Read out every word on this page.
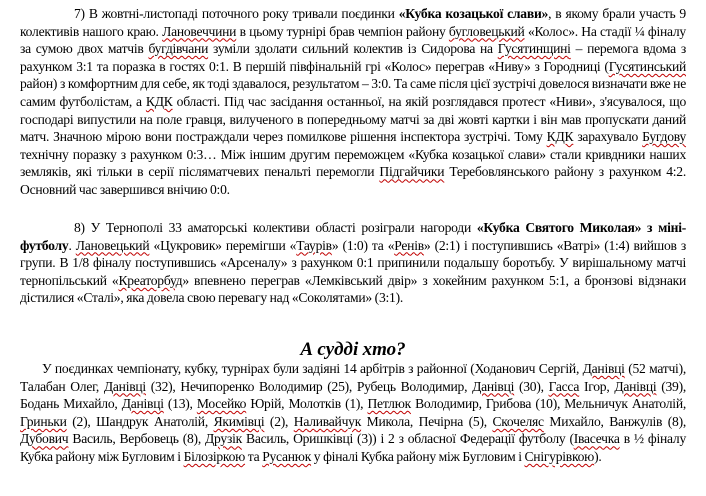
7) В жовтні-листопаді поточного року тривали поєдинки «Кубка козацької слави», в якому брали участь 9 колективів нашого краю. Лановеччини в цьому турнірі брав чемпіон району бугловецький «Колос». На стадії ¼ фіналу за сумою двох матчів бугдівчани зуміли здолати сильний колектив із Сидорова на Гусятинщині – перемога вдома з рахунком 3:1 та поразка в гостях 0:1. В першій півфінальній грі «Колос» переграв «Ниву» з Городниці (Гусятинський район) з комфортним для себе, як тоді здавалося, результатом – 3:0. Та саме після цієї зустрічі довелося визначати вже не самим футболістам, а КДК області. Під час засідання останньої, на якій розглядався протест «Ниви», з'ясувалося, що господарі випустили на поле гравця, вилученого в попередньому матчі за дві жовті картки і він мав пропускати даний матч. Значною мірою вони постраждали через помилкове рішення інспектора зустрічі. Тому КДК зарахувало Бугдову технічну поразку з рахунком 0:3… Між іншим другим переможцем «Кубка козацької слави» стали кривдники наших земляків, які тільки в серії післяматчевих пенальті перемогли Підгайчики Теребовлянського району з рахунком 4:2. Основний час завершився внічию 0:0.

8) У Тернополі 33 аматорські колективи області розіграли нагороди «Кубка Святого Миколая» з міні-футболу. Лановецький «Цукровик» перемігши «Таурів» (1:0) та «Ренів» (2:1) і поступившись «Ватрі» (1:4) вийшов з групи. В 1/8 фіналу поступившись «Арсеналу» з рахунком 0:1 припинили подальшу боротьбу. У вирішальному матчі тернопільський «Креаторбуд» впевнено переграв «Лемківський двір» з хокейним рахунком 5:1, а бронзові відзнаки дістилися «Сталі», яка довела свою перевагу над «Соколятами» (3:1).

А судді хто?

У поєдинках чемпіонату, кубку, турнірах були задіяні 14 арбітрів з районної (Ходанович Сергій, Данівці (52 матчі), Талабан Олег, Данівці (32), Нечипоренко Володимир (25), Рубець Володимир, Данівці (30), Гасса Ігор, Данівці (39), Бодань Михайло, Данівці (13), Мосейко Юрій, Молотків (1), Петлюк Володимир, Грибова (10), Мельничук Анатолій, Гриньки (2), Шандрук Анатолій, Якимівці (2), Наливайчук Микола, Печірна (5), Скочеляс Михайло, Ванжулів (8), Дубович Василь, Вербовець (8), Друзік Василь, Оришківці (3)) і 2 з обласної Федерації футболу (Івасечка в ½ фіналу Кубка району між Бугловим і Білозіркою та Русанюк у фіналі Кубка району між Бугловим і Снігурівкою).
